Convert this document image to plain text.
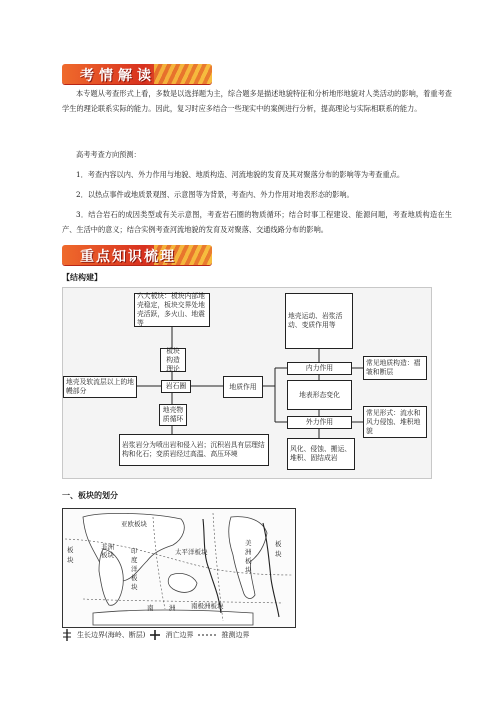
考情解读

本专题从考查形式上看，多数是以选择题为主，综合题多是描述地貌特征和分析地形地貌对人类活动的影响，着重考查学生的理论联系实际的能力。因此，复习时应多结合一些现实中的案例进行分析，提高理论与实际相联系的能力。

高考考查方向预测：

1．考查内容以内、外力作用与地貌、地质构造、河流地貌的发育及其对聚落分布的影响等为考查重点。

2．以热点事件或地质景观图、示意图等为背景，考查内、外力作用对地表形态的影响。

3．结合岩石的成因类型或有关示意图，考查岩石圈的物质循环；结合时事工程建设、能源问题，考查地质构造在生产、生活中的意义；结合实例考查河流地貌的发育及对聚落、交通线路分布的影响。

重点知识梳理
【结构建】
六大板块：板块内部地壳稳定，板块交界处地壳活跃，多火山、地震等
板块构造理论
地壳及软流层以上的地幔部分
岩石圈
地壳物质循环
岩浆岩分为喷出岩和侵入岩；沉积岩具有层理结构和化石；变质岩经过高温、高压环境
地质作用
地壳运动、岩浆活动、变质作用等
内力作用
地表形态变化
外力作用
常见地质构造：褶皱和断层
常见形式：流水和风力侵蚀、堆积地貌
风化、侵蚀、搬运、堆积、固结成岩
一、板块的划分
亚欧板块
太平洋板块
非洲板块	印度洋板块
美洲板块
南极洲板块
板块
板块
南 洲
生长边界(海岭、断层)	消亡边界	推测边界
